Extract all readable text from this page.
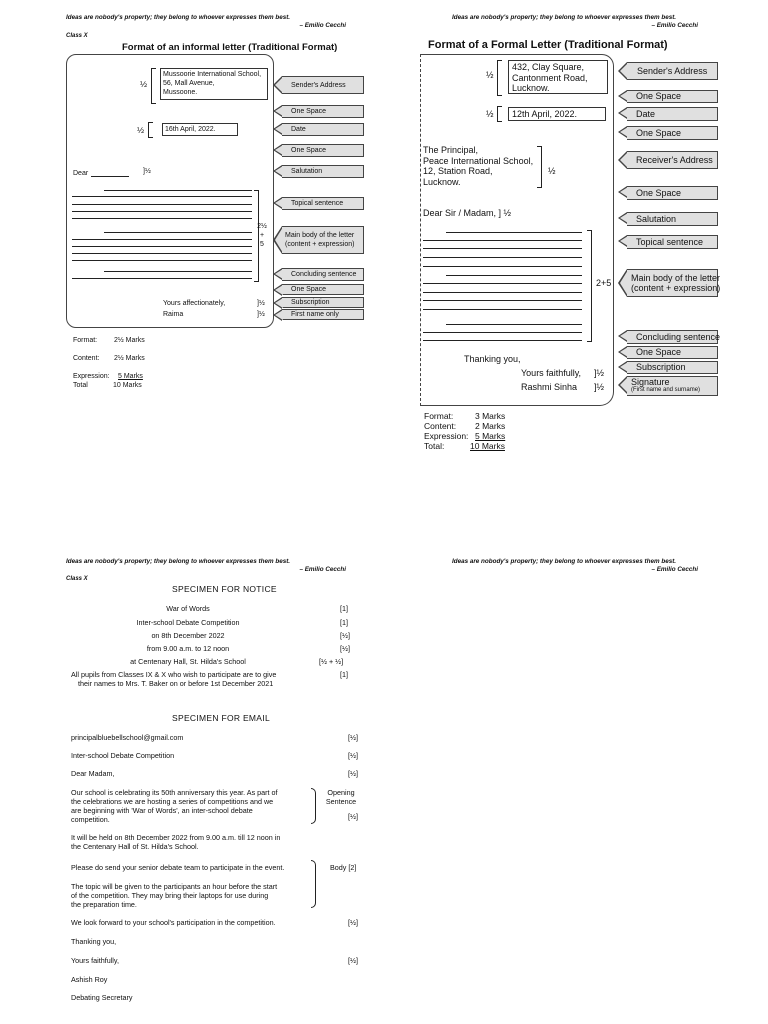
Ideas are nobody's property; they belong to whoever expresses them best.
– Emilio Cecchi
Class X
Format of an informal letter (Traditional Format)
½
Mussoorie International School,
56, Mall Avenue,
Mussoone.
½	16th April, 2022.
Dear	]½
2½
+
5
Yours affectionately,
Raima
]½
]½
Sender's Address
One Space
Date
One Space
Salutation
Topical sentence
Main body of the letter
(content + expression)
Concluding sentence
One Space
Subscription
First name only
Format: 2½ Marks
Content: 2½ Marks
Expression: 5 Marks
Total	10 Marks
Ideas are nobody's property; they belong to whoever expresses them best.
– Emilio Cecchi
Format of a Formal Letter (Traditional Format)
½
432, Clay Square,
Cantonment Road,
Lucknow.
½	12th April, 2022.
The Principal,
Peace International School,
12, Station Road,
Lucknow.
½
Dear Sir / Madam, ] ½
2+5
Thanking you,
Yours faithfully,
Rashmi Sinha
]½
]½
Sender's Address
One Space
Date
One Space
Receiver's Address
One Space
Salutation
Topical sentence
Main body of the letter
(content + expression)
Concluding sentence
One Space
Subscription
Signature
(First name and surname)
Format:	3 Marks
Content: 2 Marks
Expression: 5 Marks
Total:	10 Marks
Ideas are nobody's property; they belong to whoever expresses them best.
– Emilio Cecchi
Class X
SPECIMEN FOR NOTICE
War of Words	[1]
Inter-school Debate Competition	[1]
on 8th December 2022	[½]
from 9.00 a.m. to 12 noon	[½]
at Centenary Hall, St. Hilda's School	[½ + ½]
All pupils from Classes IX & X who wish to participate are to give	[1]
their names to Mrs. T. Baker on or before 1st December 2021
SPECIMEN FOR EMAIL
principalbluebellschool@gmail.com	[½]
Inter-school Debate Competition	[½]
Dear Madam,	[½]
Our school is celebrating its 50th anniversary this year. As part of
the celebrations we are hosting a series of competitions and we
are beginning with 'War of Words', an inter-school debate
competition.
Opening
Sentence
[½]
It will be held on 8th December 2022 from 9.00 a.m. till 12 noon in
the Centenary Hall of St. Hilda's School.
Please do send your senior debate team to participate in the event.	Body [2]
The topic will be given to the participants an hour before the start
of the competition. They may bring their laptops for use during
the preparation time.
We look forward to your school's participation in the competition.	[½]
Thanking you,
Yours faithfully,	[½]
Ashish Roy
Debating Secretary
Ideas are nobody's property; they belong to whoever expresses them best.
– Emilio Cecchi
